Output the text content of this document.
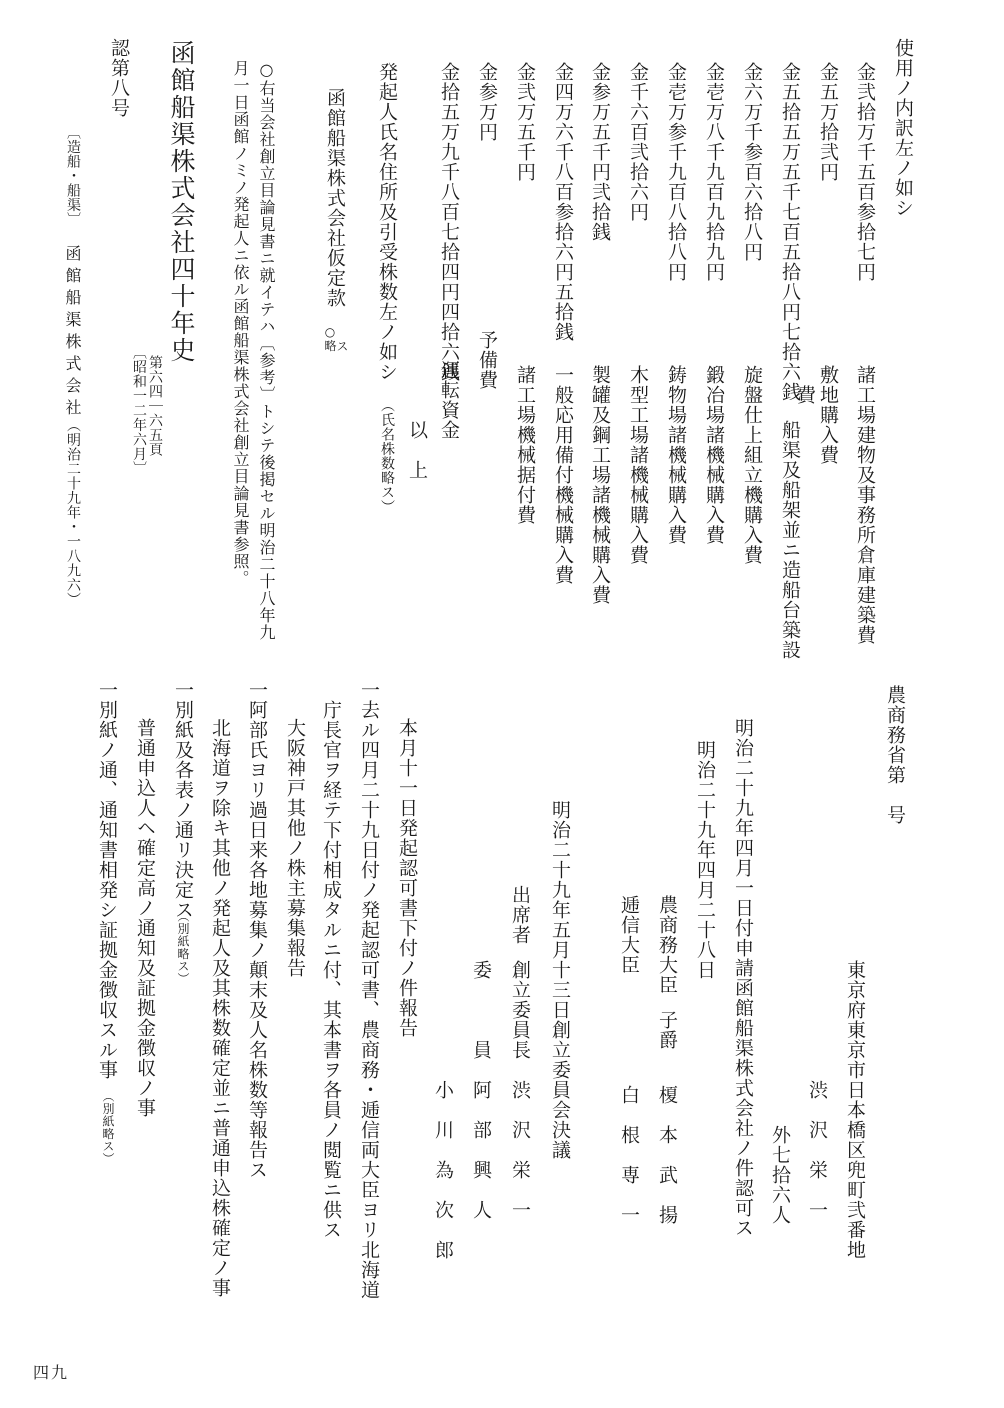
使用ノ内訳左ノ如シ
金弐拾万千五百参拾七円
金五万拾弐円
金五拾五万五千七百五拾八円七拾六銭
金六万千参百六拾八円
金壱万八千九百九拾九円
金壱万参千九百八拾八円
金千六百弐拾六円
金参万五千円弐拾銭
金四万六千八百参拾六円五拾銭
金弐万五千円
金参万円
金拾五万九千八百七拾四円四拾六銭
諸工場建物及事務所倉庫建築費
敷地購入費
船渠及船架並ニ造船台築設
費
旋盤仕上組立機購入費
鍛冶場諸機械購入費
鋳物場諸機械購入費
木型工場諸機械購入費
製罐及鋼工場諸機械購入費
一般応用備付機械購入費
諸工場機械据付費
予備費
運転資金
以　上
発起人氏名住所及引受株数左ノ如シ
（氏名株数略ス）
函館船渠株式会社仮定款
○略
ス
○右当会社創立目論見書ニ就イテハ〔参考〕トシテ後掲セル明治二十八年九
月一日函館ノミノ発起人ニ依ル函館船渠株式会社創立目論見書参照。
函館船渠株式会社四十年史
第六四｜六五頁
〔昭和一二年六月〕
認第八号
〔造船・船渠〕
函館船渠株式会社
（明治二十九年・一八九六）
農商務省第　号
東京府東京市日本橋区兜町弐番地
渋　沢　栄　一
外七拾六人
明治二十九年四月一日付申請函館船渠株式会社ノ件認可ス
明治二十九年四月二十八日
農商務大臣
子爵
榎　本　武　揚
逓信大臣
白　根　専　一
明治二十九年五月十三日創立委員会決議
出席者
創立委員長
渋　沢　栄　一
委　　　員
阿　部　興　人
小　川　為　次　郎
本月十一日発起認可書下付ノ件報告
一去ル四月二十九日付ノ発起認可書、農商務・逓信両大臣ヨリ北海道
庁長官ヲ経テ下付相成タルニ付、其本書ヲ各員ノ閲覧ニ供ス
大阪神戸其他ノ株主募集報告
一阿部氏ヨリ過日来各地募集ノ顛末及人名株数等報告ス
北海道ヲ除キ其他ノ発起人及其株数確定並ニ普通申込株確定ノ事
一別紙及各表ノ通リ決定ス
（別紙略ス）
普通申込人ヘ確定高ノ通知及証拠金徴収ノ事
一別紙ノ通、通知書相発シ証拠金徴収スル事
（別紙略ス）
四九
